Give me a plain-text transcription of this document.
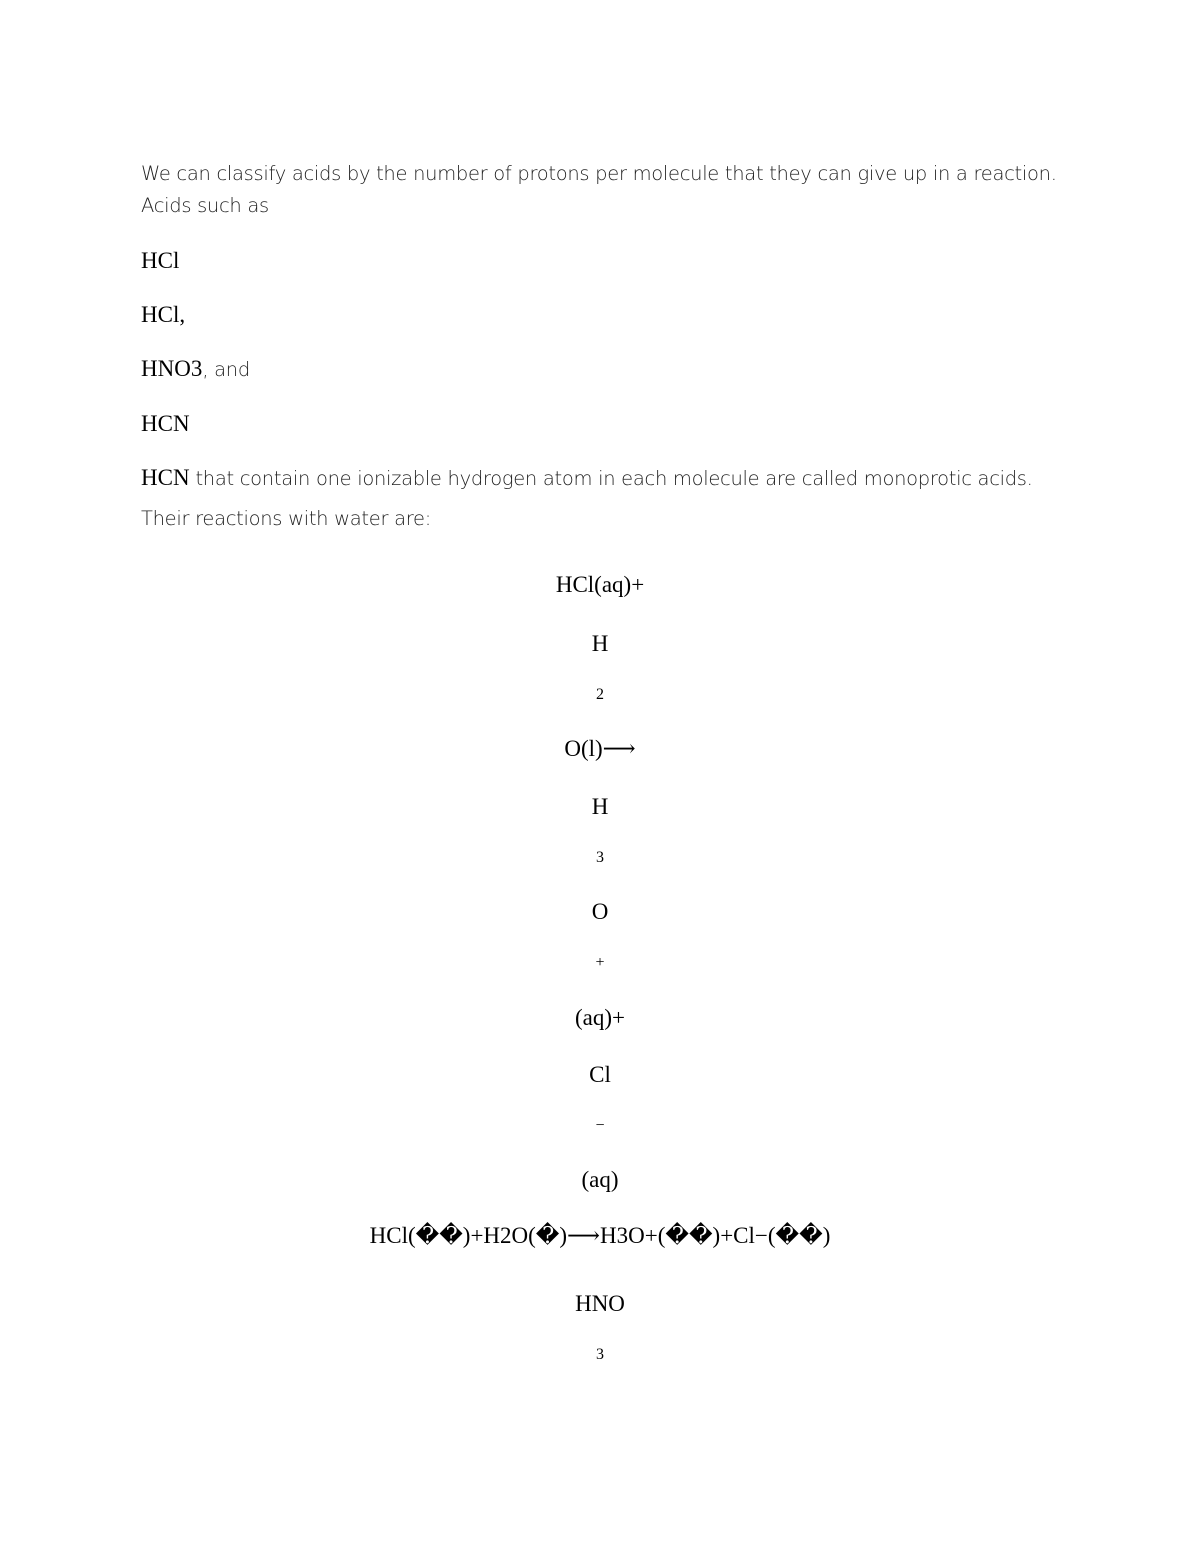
We can classify acids by the number of protons per molecule that they can give up in a reaction.
Acids such as
HCl
HCl,
HNO3, and
HCN
HCN that contain one ionizable hydrogen atom in each molecule are called monoprotic acids.
Their reactions with water are:
HCl(aq)+
H
2
O(l)⟶
H
3
O
+
(aq)+
Cl
−
(aq)
HCl(��)+H2O(�)⟶H3O+(��)+Cl−(��)
HNO
3
